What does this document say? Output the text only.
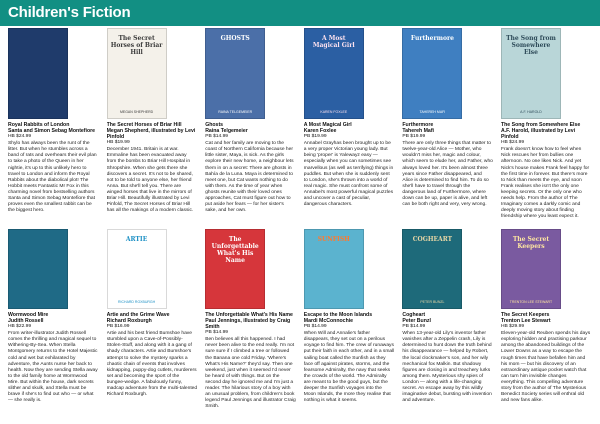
Children's Fiction
Royal Rabbits of London
Santa and Simon Sebag Montefiore
HB $24.99
Shylo has always been the runt of the litter. But when he stumbles across a band of rats and overhears their evil plan to take a photo of the Queen in her nightie, it's up to this unlikely hero to travel to London and inform the Royal Rabbits about the diabolical plot! The Hobbit meets Fantastic Mr Fox in this charming novel from bestselling authors Santa and Simon Sebag Montefiore that proves even the smallest rabbit can be the biggest hero.
The Secret Horses of Briar Hill
MEGAN SHEPHERD
The Secret Horses of Briar Hill
Megan Shepherd, illustrated by Levi Pinfold
HB $19.99
December 1941. Britain is at war. Emmaline has been evacuated away from the bombs to Briar Hill Hospital in Shropshire. When she gets there she discovers a secret. It's not to be shared, not to be told to anyone else, her friend Anna. But she'll tell you. There are winged horses that live in the mirrors of Briar Hill. Beautifully illustrated by Levi Pinfold, The Secret Horses of Briar Hill has all the makings of a modern classic.
GHOSTS
RAINA TELGEMEIER
Ghosts
Raina Telgemeier
PB $14.99
Cat and her family are moving to the coast of Northern California because her little sister, Maya, is sick. As the girls explore their new home, a neighbour lets them in on a secret: There are ghosts in Bahía de la Luna. Maya is determined to meet one, but Cat wants nothing to do with them. As the time of year when ghosts reunite with their loved ones approaches, Cat must figure out how to put aside her fears — for her sister's sake, and her own.
A Most Magical Girl
KAREN FOXLEE
A Most Magical Girl
Karen Foxlee
PB $19.99
Annabel Grayhas been brought up to be a very proper Victorian young lady. But being 'proper' is Yalewayz easy — especially when you can sometimes see marvellous (as well as terrifying) things in puddles. But when she is suddenly sent to London, she's thrown into a world of real magic. She must confront some of Annabel's most powerful magical puzzles and uncover a cast of peculiar, dangerous characters.
Furthermore
TAHEREH MAFI
Furthermore
Tahereh Mafi
PB $19.99
There are only three things that matter to twelve-year-old Alice — Mother, who wouldn't miss her, magic and colour, which seem to elude her, and Father, who always loved her. It's been almost three years since Father disappeared, and Alice is determined to find him. To do so she'll have to travel through the dangerous land of Furthermore, where down can be up, paper is alive, and left can be both right and very, very wrong.
The Song from Somewhere Else
A.F. HAROLD
The Song from Somewhere Else
A.F. Harold, illustrated by Levi Pinfold
HB $24.99
Frank doesn't know how to feel when Nick rescues her from bullies one afternoon. No one likes Nick. And yet Nick's house makes Frank feel happy for the first time in forever. But there's more to Nick than meets the eye, and soon Frank realises she isn't the only one keeping secrets. Or the only one who needs help. From the author of The Imaginary comes a darkly comic and deeply moving story about finding friendship where you least expect it.
Wormwood Mire
Judith Rossell
HB $22.99
From writer-illustrator Judith Rossell comes the thrilling and magical sequel to Withering-By-Sea. When Stella Montgomery returns to the Hotel Majestic cold and wet but exhilarated by adventure, the Aunts nurse her back to health. Now they are sending Stella away to the old family home at Wormwood Mire. But within the house, dark secrets slither and skulk, and Stella must be brave if she's to find out who — or what — she really is.
ARTIE
RICHARD ROXBURGH
Artie and the Grime Wave
Richard Roxburgh
PB $16.99
Artie and his best friend Bumshoe have stumbled upon a Cave-of-Possibly-Stolen-Stuff, and along with it a gang of shady characters. Artie and Bumshoe's attempt to solve the mystery sparks a chaotic chain of events that involves kidnapping, puppy-dog cutlets, murderers set and becoming the sport of the bungee-wedge. A fabulously funny, madcap adventure from the multi-talented Richard Roxburgh.
The Unforgettable What's His Name
The Unforgettable What's His Name
Paul Jennings, illustrated by Craig Smith
PB $14.99
Ben believes all this happened. I had never been alive to the end really. I'm not sure sure if I climbed a tree or followed the Banana one cold Friday. 'Where's What's His Name?' they'd say. Then one weekend, just when it seemed I'd never be heard of with things. But on the second day he ignored me and I'm just a reader. The hilarious story of a boy with an unusual problem, from children's book legend Paul Jennings and illustrator Craig Smith.
SUNFISH
Escape to the Moon Islands
Mardi McConnochie
PB $14.99
When Will and Annalie's father disappears, they set out on a perilous voyage to find him. The crew of runaways put their faith in each other, and in a small sailing boat called the Sunfish as they face off against pirates, storms, and the fearsome Admiralty, the navy that seeks the crowds of the world. The Admiralty are meant to be the good guys, but the deeper the Sunfish voyages into the Moon Islands, the more they realise that nothing is what it seems.
COGHEART
PETER BUNZL
Cogheart
Peter Bunzl
PB $14.99
When 13-year-old Lily's inventor father vanishes after a Zeppelin crash, Lily is determined to hunt down the truth behind his disappearance — helped by Robert, the local clockmaker's son, and her wily mechanical fox Malkin. But shadowy figures are closing in and treachery lurks among them. Mysterious shy spies of London — along with a life-changing secret. An escape away by this wildly imaginative debut, bursting with invention and adventure.
The Secret Keepers
TRENTON LEE STEWART
The Secret Keepers
Trenton Lee Stewart
HB $29.99
Eleven-year-old Reuben spends his days exploring hidden and practising parkour among the abandoned buildings of the Lower Downs as a way to escape the rough times that have befallen him and his mom — but his discovery of an extraordinary antique pocket watch that can turn him invisible changes everything. This compelling adventure story from the author of The Mysterious Benedict Society series will enthral old and new fans alike.
